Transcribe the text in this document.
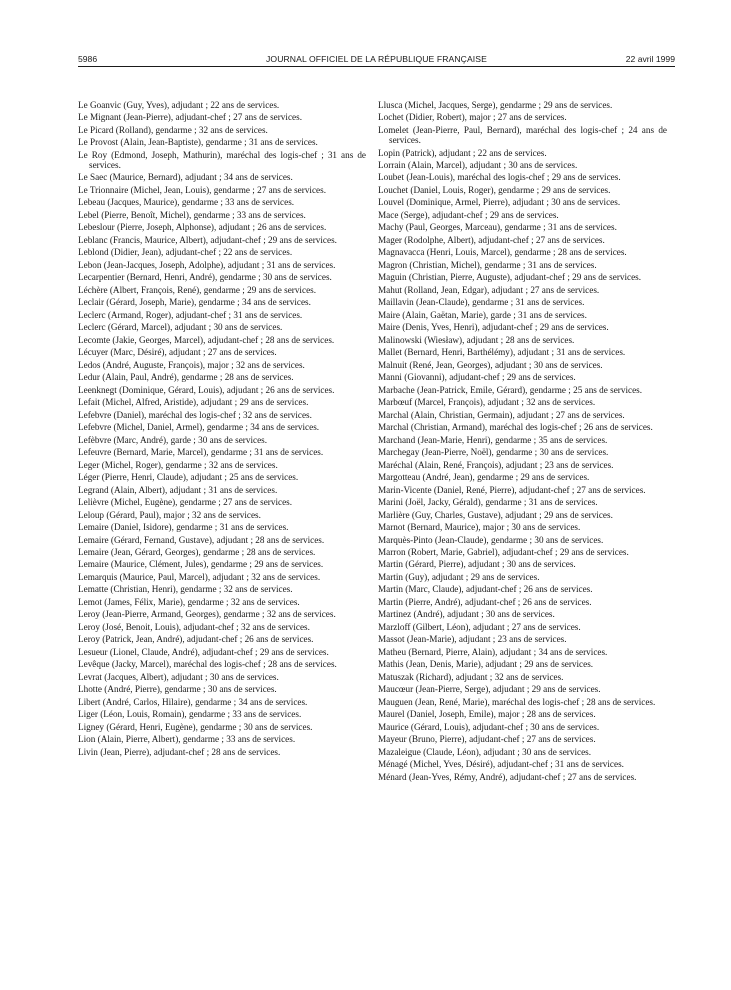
5986	JOURNAL OFFICIEL DE LA RÉPUBLIQUE FRANÇAISE	22 avril 1999

Le Goanvic (Guy, Yves), adjudant ; 22 ans de services.

Le Mignant (Jean-Pierre), adjudant-chef ; 27 ans de services.

Le Picard (Rolland), gendarme ; 32 ans de services.

Le Provost (Alain, Jean-Baptiste), gendarme ; 31 ans de services.

Le Roy (Edmond, Joseph, Mathurin), maréchal des logis-chef ; 31 ans de services.

Le Saec (Maurice, Bernard), adjudant ; 34 ans de services.

Le Trionnaire (Michel, Jean, Louis), gendarme ; 27 ans de services.

Lebeau (Jacques, Maurice), gendarme ; 33 ans de services.

Lebel (Pierre, Benoît, Michel), gendarme ; 33 ans de services.

Lebeslour (Pierre, Joseph, Alphonse), adjudant ; 26 ans de services.

Leblanc (Francis, Maurice, Albert), adjudant-chef ; 29 ans de services.

Leblond (Didier, Jean), adjudant-chef ; 22 ans de services.

Lebon (Jean-Jacques, Joseph, Adolphe), adjudant ; 31 ans de services.

Lecarpentier (Bernard, Henri, André), gendarme ; 30 ans de services.

Léchère (Albert, François, René), gendarme ; 29 ans de services.

Leclair (Gérard, Joseph, Marie), gendarme ; 34 ans de services.

Leclerc (Armand, Roger), adjudant-chef ; 31 ans de services.

Leclerc (Gérard, Marcel), adjudant ; 30 ans de services.

Lecomte (Jakie, Georges, Marcel), adjudant-chef ; 28 ans de services.

Lécuyer (Marc, Désiré), adjudant ; 27 ans de services.

Ledos (André, Auguste, François), major ; 32 ans de services.

Ledur (Alain, Paul, André), gendarme ; 28 ans de services.

Leenknegt (Dominique, Gérard, Louis), adjudant ; 26 ans de services.

Lefait (Michel, Alfred, Aristide), adjudant ; 29 ans de services.

Lefebvre (Daniel), maréchal des logis-chef ; 32 ans de services.

Lefebvre (Michel, Daniel, Armel), gendarme ; 34 ans de services.

Lefèbvre (Marc, André), garde ; 30 ans de services.

Lefeuvre (Bernard, Marie, Marcel), gendarme ; 31 ans de services.

Leger (Michel, Roger), gendarme ; 32 ans de services.

Léger (Pierre, Henri, Claude), adjudant ; 25 ans de services.

Legrand (Alain, Albert), adjudant ; 31 ans de services.

Lelièvre (Michel, Eugène), gendarme ; 27 ans de services.

Leloup (Gérard, Paul), major ; 32 ans de services.

Lemaire (Daniel, Isidore), gendarme ; 31 ans de services.

Lemaire (Gérard, Fernand, Gustave), adjudant ; 28 ans de services.

Lemaire (Jean, Gérard, Georges), gendarme ; 28 ans de services.

Lemaire (Maurice, Clément, Jules), gendarme ; 29 ans de services.

Lemarquis (Maurice, Paul, Marcel), adjudant ; 32 ans de services.

Lematte (Christian, Henri), gendarme ; 32 ans de services.

Lemot (James, Félix, Marie), gendarme ; 32 ans de services.

Leroy (Jean-Pierre, Armand, Georges), gendarme ; 32 ans de services.

Leroy (José, Benoit, Louis), adjudant-chef ; 32 ans de services.

Leroy (Patrick, Jean, André), adjudant-chef ; 26 ans de services.

Lesueur (Lionel, Claude, André), adjudant-chef ; 29 ans de services.

Levêque (Jacky, Marcel), maréchal des logis-chef ; 28 ans de services.

Levrat (Jacques, Albert), adjudant ; 30 ans de services.

Lhotte (André, Pierre), gendarme ; 30 ans de services.

Libert (André, Carlos, Hilaire), gendarme ; 34 ans de services.

Liger (Léon, Louis, Romain), gendarme ; 33 ans de services.

Ligney (Gérard, Henri, Eugène), gendarme ; 30 ans de services.

Lion (Alain, Pierre, Albert), gendarme ; 33 ans de services.

Livin (Jean, Pierre), adjudant-chef ; 28 ans de services.

Llusca (Michel, Jacques, Serge), gendarme ; 29 ans de services.

Lochet (Didier, Robert), major ; 27 ans de services.

Lomelet (Jean-Pierre, Paul, Bernard), maréchal des logis-chef ; 24 ans de services.

Lopin (Patrick), adjudant ; 22 ans de services.

Lorrain (Alain, Marcel), adjudant ; 30 ans de services.

Loubet (Jean-Louis), maréchal des logis-chef ; 29 ans de services.

Louchet (Daniel, Louis, Roger), gendarme ; 29 ans de services.

Louvel (Dominique, Armel, Pierre), adjudant ; 30 ans de services.

Mace (Serge), adjudant-chef ; 29 ans de services.

Machy (Paul, Georges, Marceau), gendarme ; 31 ans de services.

Mager (Rodolphe, Albert), adjudant-chef ; 27 ans de services.

Magnavacca (Henri, Louis, Marcel), gendarme ; 28 ans de services.

Magron (Christian, Michel), gendarme ; 31 ans de services.

Maguin (Christian, Pierre, Auguste), adjudant-chef ; 29 ans de services.

Mahut (Rolland, Jean, Edgar), adjudant ; 27 ans de services.

Maillavin (Jean-Claude), gendarme ; 31 ans de services.

Maire (Alain, Gaëtan, Marie), garde ; 31 ans de services.

Maire (Denis, Yves, Henri), adjudant-chef ; 29 ans de services.

Malinowski (Wiesław), adjudant ; 28 ans de services.

Mallet (Bernard, Henri, Barthélémy), adjudant ; 31 ans de services.

Malnuit (René, Jean, Georges), adjudant ; 30 ans de services.

Manni (Giovanni), adjudant-chef ; 29 ans de services.

Marbache (Jean-Patrick, Emile, Gérard), gendarme ; 25 ans de services.

Marbœuf (Marcel, François), adjudant ; 32 ans de services.

Marchal (Alain, Christian, Germain), adjudant ; 27 ans de services.

Marchal (Christian, Armand), maréchal des logis-chef ; 26 ans de services.

Marchand (Jean-Marie, Henri), gendarme ; 35 ans de services.

Marchegay (Jean-Pierre, Noël), gendarme ; 30 ans de services.

Maréchal (Alain, René, François), adjudant ; 23 ans de services.

Margotteau (André, Jean), gendarme ; 29 ans de services.

Marin-Vicente (Daniel, René, Pierre), adjudant-chef ; 27 ans de services.

Marini (Joël, Jacky, Gérald), gendarme ; 31 ans de services.

Marlière (Guy, Charles, Gustave), adjudant ; 29 ans de services.

Marnot (Bernard, Maurice), major ; 30 ans de services.

Marquès-Pinto (Jean-Claude), gendarme ; 30 ans de services.

Marron (Robert, Marie, Gabriel), adjudant-chef ; 29 ans de services.

Martin (Gérard, Pierre), adjudant ; 30 ans de services.

Martin (Guy), adjudant ; 29 ans de services.

Martin (Marc, Claude), adjudant-chef ; 26 ans de services.

Martin (Pierre, André), adjudant-chef ; 26 ans de services.

Martinez (André), adjudant ; 30 ans de services.

Marzloff (Gilbert, Léon), adjudant ; 27 ans de services.

Massot (Jean-Marie), adjudant ; 23 ans de services.

Matheu (Bernard, Pierre, Alain), adjudant ; 34 ans de services.

Mathis (Jean, Denis, Marie), adjudant ; 29 ans de services.

Matuszak (Richard), adjudant ; 32 ans de services.

Maucœur (Jean-Pierre, Serge), adjudant ; 29 ans de services.

Mauguen (Jean, René, Marie), maréchal des logis-chef ; 28 ans de services.

Maurel (Daniel, Joseph, Emile), major ; 28 ans de services.

Maurice (Gérard, Louis), adjudant-chef ; 30 ans de services.

Mayeur (Bruno, Pierre), adjudant-chef ; 27 ans de services.

Mazaleigue (Claude, Léon), adjudant ; 30 ans de services.

Ménagé (Michel, Yves, Désiré), adjudant-chef ; 31 ans de services.

Ménard (Jean-Yves, Rémy, André), adjudant-chef ; 27 ans de services.
